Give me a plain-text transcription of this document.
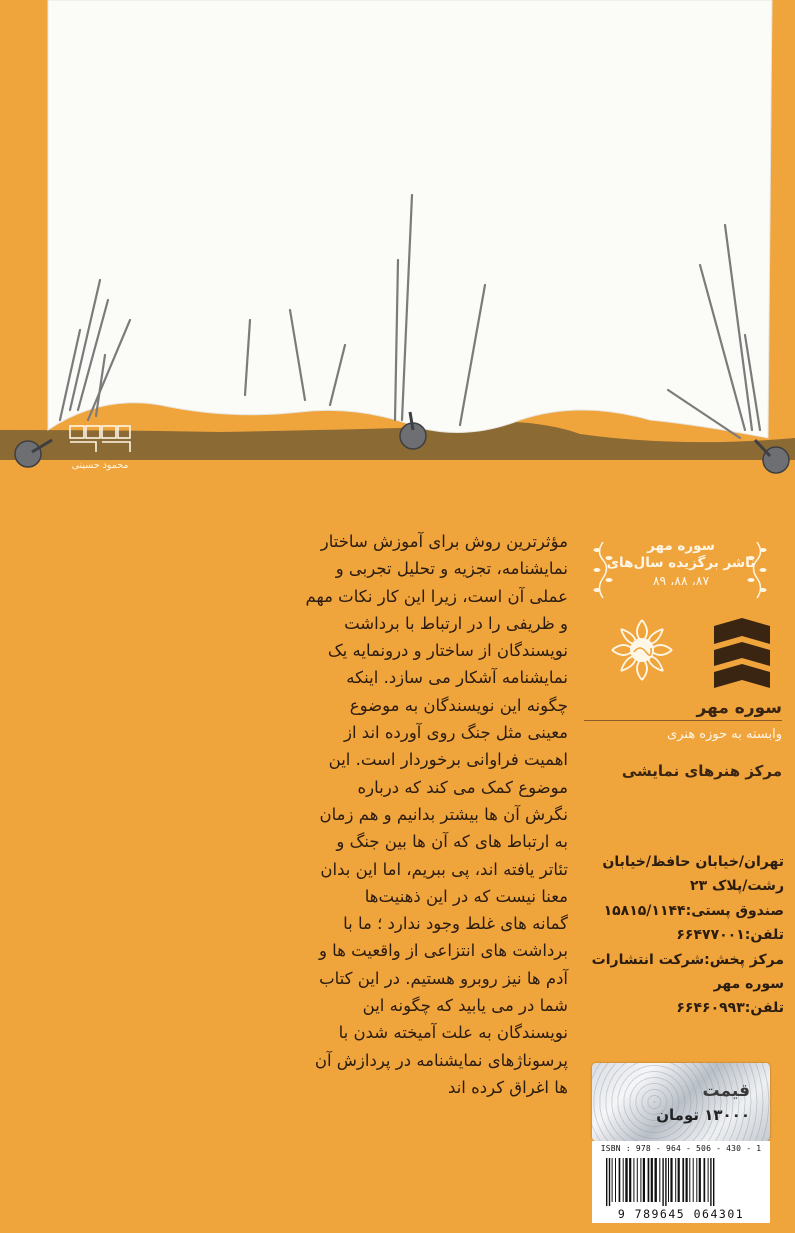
محمود حسینی
مؤثرترین روش برای آموزش ساختار
نمایشنامه، تجزیه و تحلیل تجربی و
عملی آن است، زیرا این کار نکات مهم
و ظریفی را در ارتباط با برداشت
نویسندگان از ساختار و درونمایه یک
نمایشنامه آشکار می سازد. اینکه
چگونه این نویسندگان به موضوع
معینی مثل جنگ روی آورده اند از
اهمیت فراوانی برخوردار است. این
موضوع کمک می کند که درباره
نگرش آن ها بیشتر بدانیم و هم زمان
به ارتباط های که آن ها بین جنگ و
تئاتر یافته اند، پی ببریم، اما این بدان
معنا نیست که در این ذهنیت‌ها
گمانه های غلط وجود ندارد ؛ ما با
برداشت های انتزاعی از واقعیت ها و
آدم ها نیز روبرو هستیم. در این کتاب
شما در می یابید که چگونه این
نویسندگان به علت آمیخته شدن با
پرسوناژهای نمایشنامه در پردازش آن
ها اغراق کرده اند
سوره مهر
ناشر برگزیده سال‌های
۸۷، ۸۸، ۸۹
سوره مهر
وابسته به حوزه هنری
مرکز هنرهای نمایشی
تهران/خیابان حافظ/خیابان
رشت/پلاک ۲۳
صندوق پستی:۱۵۸۱۵/۱۱۴۴
تلفن:۶۶۴۷۷۰۰۱
مرکز پخش:شرکت انتشارات
سوره مهر
تلفن:۶۶۴۶۰۹۹۳
قیمت
۱۳۰۰۰ تومان
ISBN : 978 - 964 - 506 - 430 - 1
9 789645 064301
